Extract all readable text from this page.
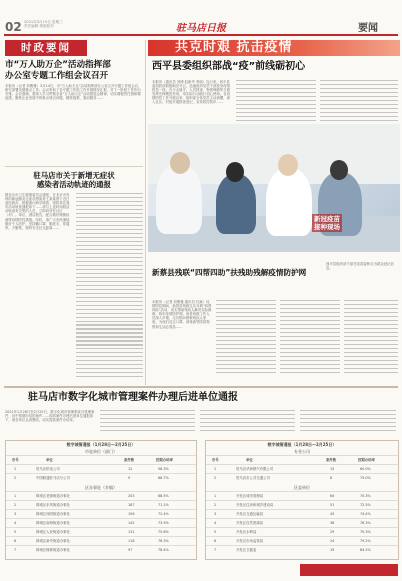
02 2021年3月15日 星期三
责任编辑 排版校对	驻马店日报	要闻
时政要闻
市“万人助万企”活动指挥部
办公室专题工作组会议召开
本报讯（记者 刘俊雅）3月14日，市“万人助万企”活动指挥部办公室召开专题工作组会议，研究部署近期重点工作。会议听取了各专题工作组工作开展情况汇报，对下一阶段工作作出安排。会议强调，要深入学习贯彻全省“万人助万企”活动推进会精神，切实增强责任感和紧迫感，聚焦企业发展中的难点堵点问题，精准施策、靠前服务……
驻马店市关于新增无症状
感染者活动轨迹的通报
据北京市卫生健康委员会通报，在北京市发现的新冠肺炎无症状感染者王某某曾于近日途经我市。根据流行病学调查，现将其在我市活动轨迹通报如下……请与上述时间段活动轨迹有交集的人员，立即向所在社区（村）、单位、酒店报告，配合做好核酸检测等疫情防控措施。同时，请广大市民继续做好个人防护，坚持戴口罩、勤洗手、常通风、少聚集，保持安全社交距离……
共克时艰 抗击疫情
西平县委组织部战“疫”前线砺初心
本报讯（通讯员 刘博 赵新华 李丽）连日来，西平县委组织部积极响应号召，迅速组织党员干部投身疫情防控一线，在卡点值守、人员排查、物资保障等方面发挥先锋模范作用，用实际行动践行初心使命。自疫情防控工作开展以来，组织部全体党员主动请缨，深入社区、村组开展排查登记，宣传防控知识……
新冠疫苗
接种现场
西平县组织部干部在疫苗接种点为群众登记信息。
新蔡县残联“四帮四助”扶残助残解疫情防护网
本报讯（记者 刘俊雅 通讯员 杜斌）疫情防控期间，新蔡县残联扎实开展“四帮四助”活动，切实帮助残疾人解决实际困难，筑牢疫情防护网。该县残联工作人员深入乡镇，走访慰问困难残疾人家庭，为他们送去口罩、消毒液等防疫物资和生活必需品……
驻马店市数字化城市管理案件办理后进单位通报
2021年1月28日至2月25日，数字化城市管理系统共受理案件，其中按期办结的案件……现将案件办理后进单位通报如下，请各单位认真整改，切实提高案件办结率。
数字城管通报（1月28日—2月25日）
市直单位（部门）
序号	单位	案件数	按期办结率
1	驻马店供电公司	12	58.3%
2	中国联通驻马店分公司	9	66.7%
区办事处（乡镇）
1	驿城区老街街道办事处	203	68.5%
2	驿城区东风街道办事处	187	71.1%
3	驿城区西园街道办事处	156	72.4%
4	驿城区南海街道办事处	142	73.9%
5	驿城区人民街道办事处	131	75.6%
6	驿城区新华街道办事处	118	76.3%
7	驿城区橡林街道办事处	97	78.4%
数字城管通报（1月28日—2月25日）
专业公司
序号	单位	案件数	按期办结率
1	驻马店华润燃气有限公司	15	60.0%
2	驻马店市公共交通公司	8	75.0%
区直单位
1	开发区城市管理局	64	70.3%
2	开发区住房和城乡建设局	51	72.5%
3	开发区交通运输局	43	74.4%
4	开发区自然资源局	38	76.3%
5	开发区水利局	29	79.3%
6	开发区市场监管局	24	79.2%
7	开发区卫健委	19	84.2%
